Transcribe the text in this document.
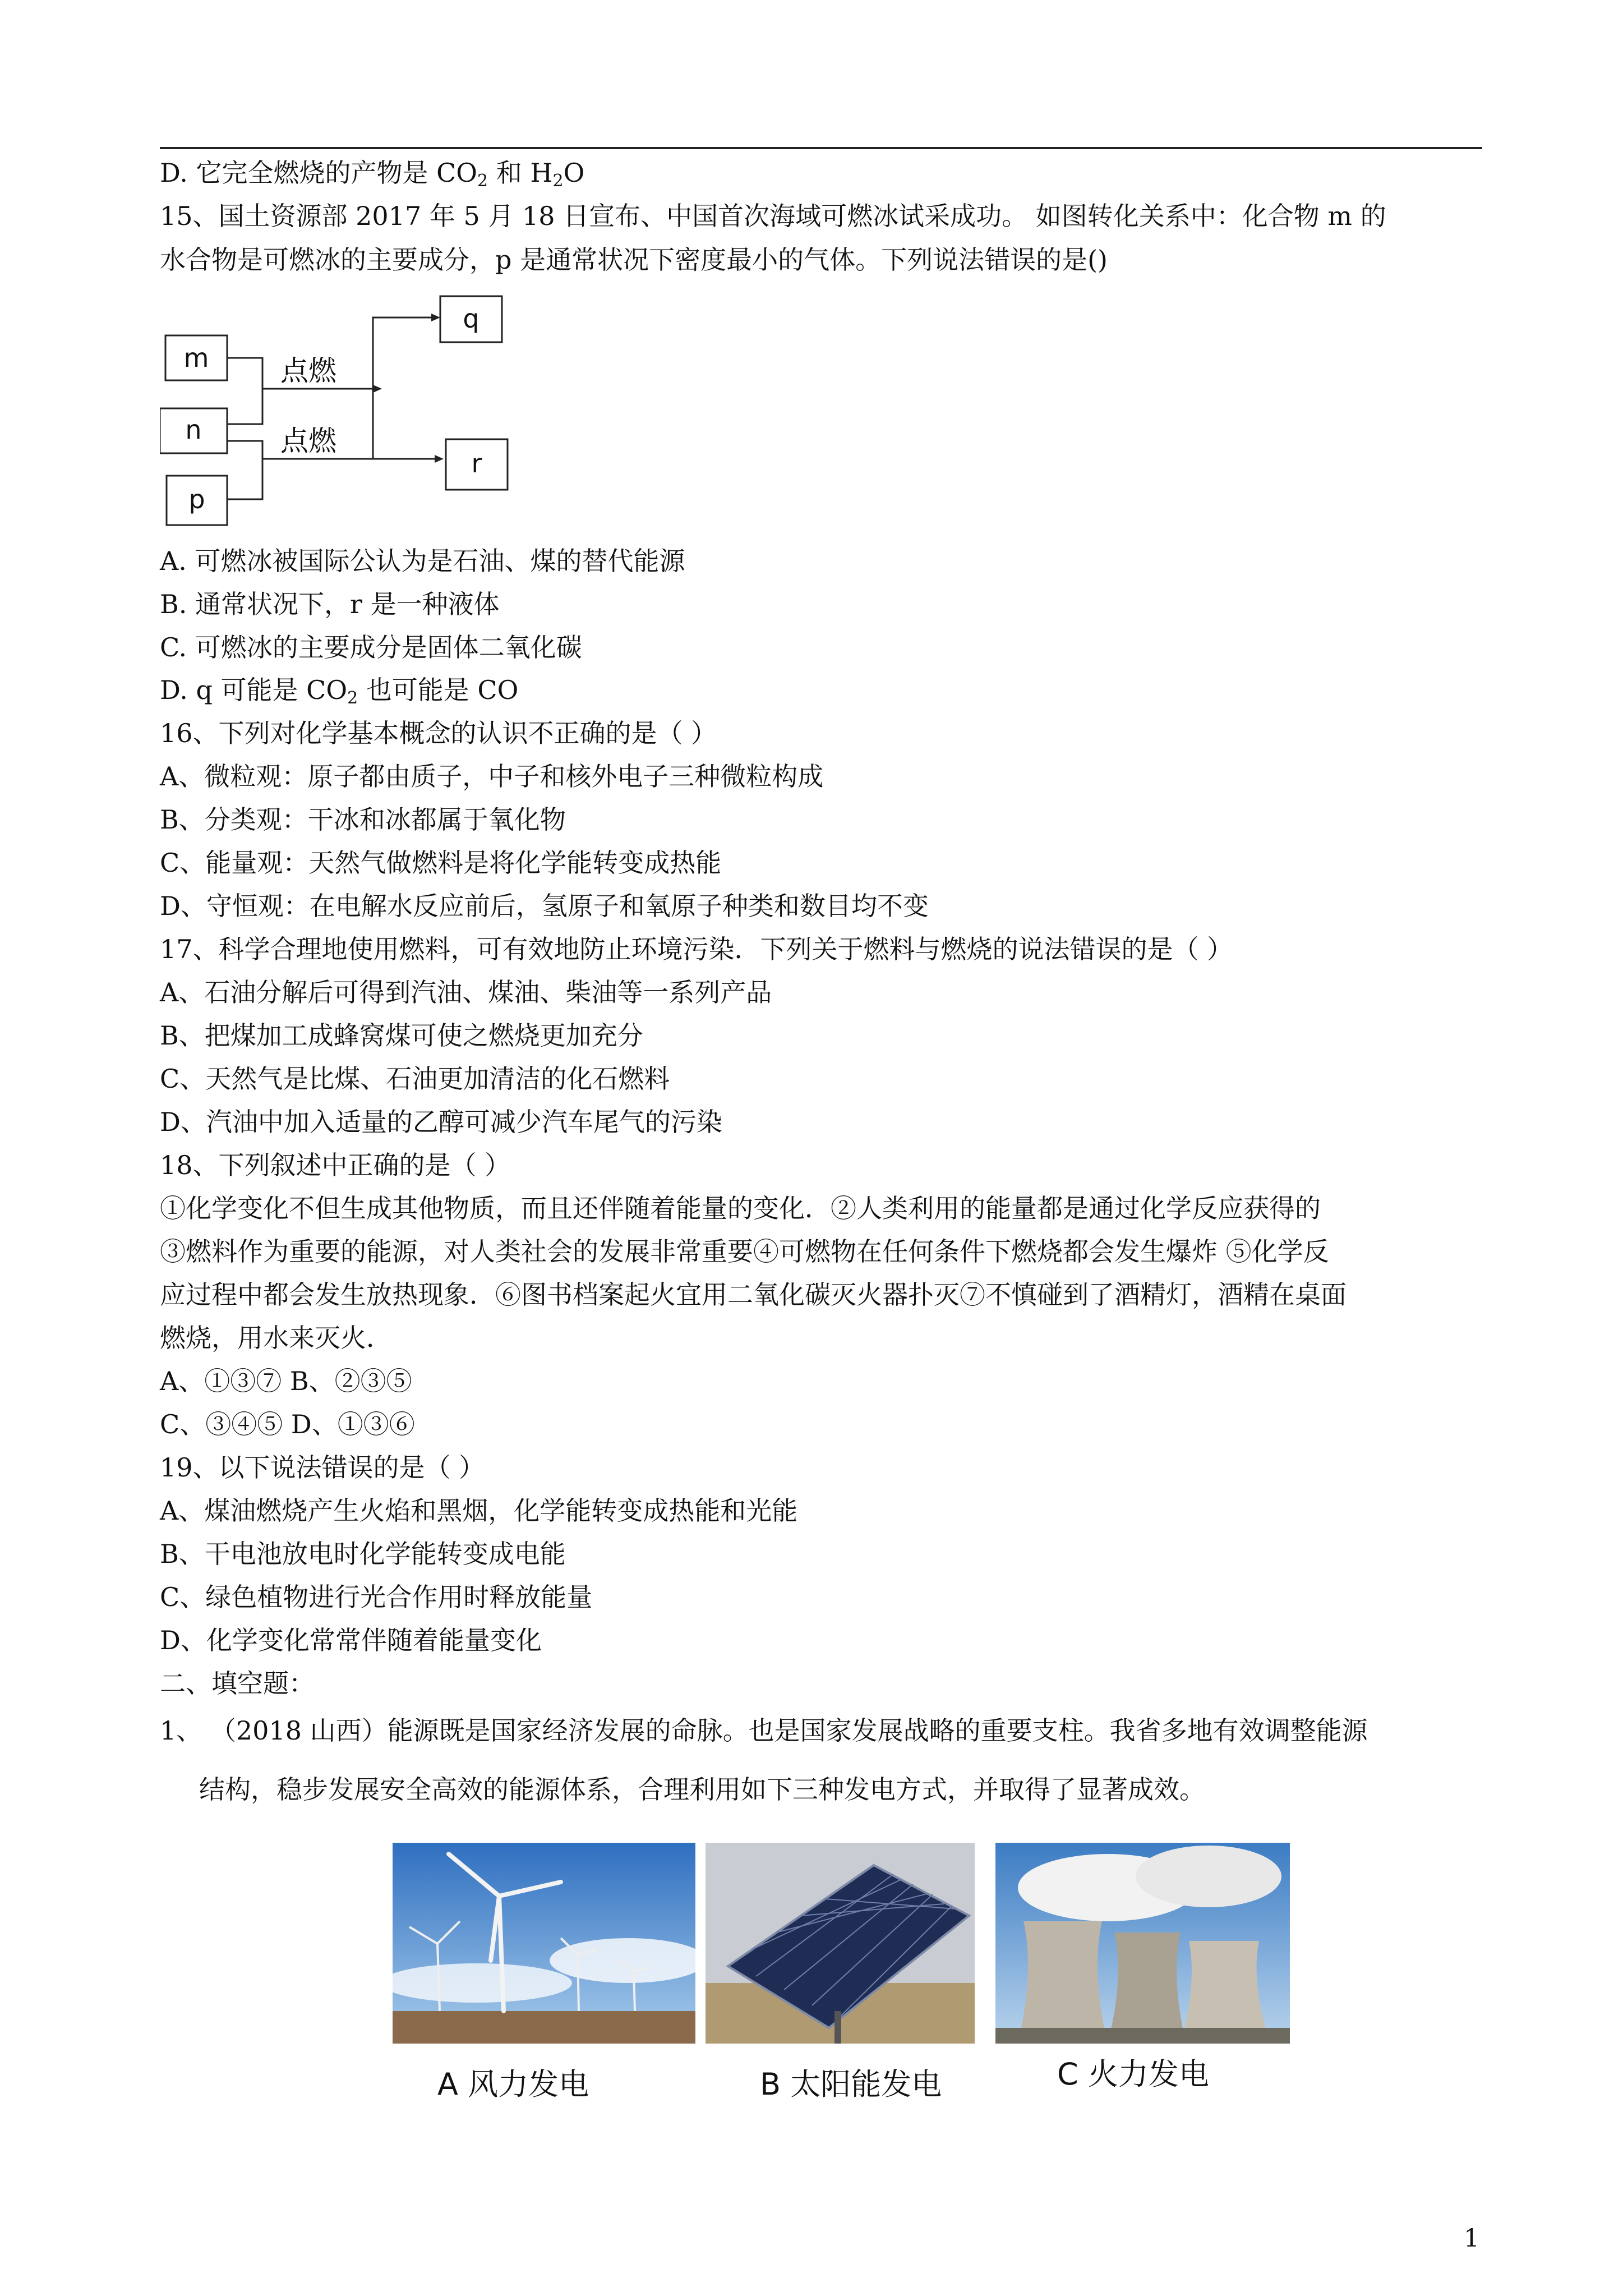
D. 它完全燃烧的产物是 $CO_2$ 和 $H_2O$
15、国土资源部 2017 年 5 月 18 日宣布、中国首次海域可燃冰试采成功。 如图转化关系中：化合物 m 的
水合物是可燃冰的主要成分，p 是通常状况下密度最小的气体。下列说法错误的是()
m
n
p
q
r
点燃
点燃
A. 可燃冰被国际公认为是石油、煤的替代能源
B. 通常状况下，r 是一种液体
C. 可燃冰的主要成分是固体二氧化碳
D. q 可能是 $CO_2$ 也可能是 CO
16、下列对化学基本概念的认识不正确的是（ ）
A、微粒观：原子都由质子，中子和核外电子三种微粒构成
B、分类观：干冰和冰都属于氧化物
C、能量观：天然气做燃料是将化学能转变成热能
D、守恒观：在电解水反应前后，氢原子和氧原子种类和数目均不变
17、科学合理地使用燃料，可有效地防止环境污染．下列关于燃料与燃烧的说法错误的是（ ）
A、石油分解后可得到汽油、煤油、柴油等一系列产品
B、把煤加工成蜂窝煤可使之燃烧更加充分
C、天然气是比煤、石油更加清洁的化石燃料
D、汽油中加入适量的乙醇可减少汽车尾气的污染
18、下列叙述中正确的是（ ）
①化学变化不但生成其他物质，而且还伴随着能量的变化．②人类利用的能量都是通过化学反应获得的
③燃料作为重要的能源，对人类社会的发展非常重要④可燃物在任何条件下燃烧都会发生爆炸 ⑤化学反
应过程中都会发生放热现象．⑥图书档案起火宜用二氧化碳灭火器扑灭⑦不慎碰到了酒精灯，酒精在桌面
燃烧，用水来灭火．
A、①③⑦ B、②③⑤
C、③④⑤ D、①③⑥
19、以下说法错误的是（ ）
A、煤油燃烧产生火焰和黑烟，化学能转变成热能和光能
B、干电池放电时化学能转变成电能
C、绿色植物进行光合作用时释放能量
D、化学变化常常伴随着能量变化
二、填空题：
1、 （2018 山西）能源既是国家经济发展的命脉。也是国家发展战略的重要支柱。我省多地有效调整能源
结构，稳步发展安全高效的能源体系，合理利用如下三种发电方式，并取得了显著成效。
A 风力发电	B 太阳能发电	C 火力发电
1
